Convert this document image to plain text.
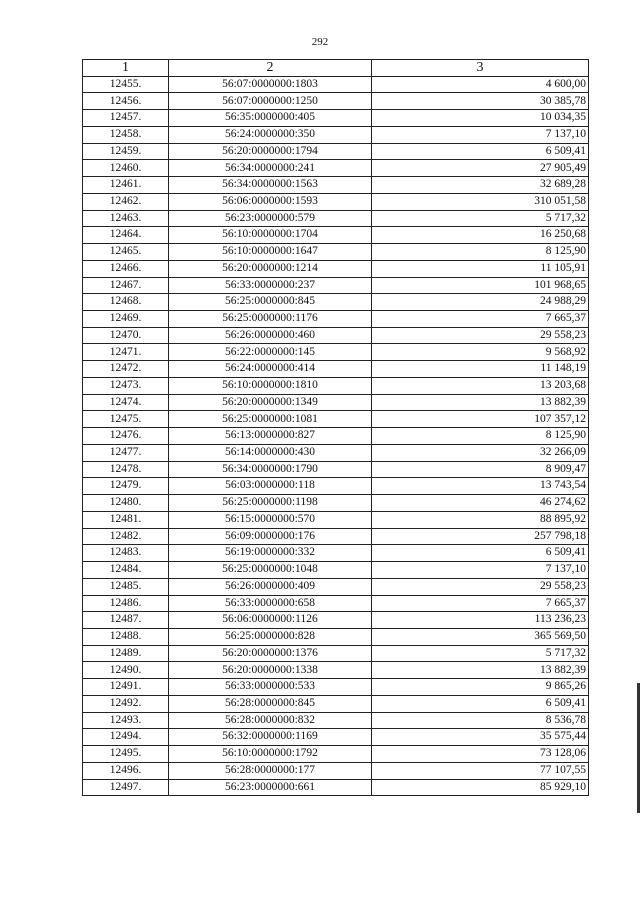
292
1	2	3
12455.	56:07:0000000:1803	4 600,00
12456.	56:07:0000000:1250	30 385,78
12457.	56:35:0000000:405	10 034,35
12458.	56:24:0000000:350	7 137,10
12459.	56:20:0000000:1794	6 509,41
12460.	56:34:0000000:241	27 905,49
12461.	56:34:0000000:1563	32 689,28
12462.	56:06:0000000:1593	310 051,58
12463.	56:23:0000000:579	5 717,32
12464.	56:10:0000000:1704	16 250,68
12465.	56:10:0000000:1647	8 125,90
12466.	56:20:0000000:1214	11 105,91
12467.	56:33:0000000:237	101 968,65
12468.	56:25:0000000:845	24 988,29
12469.	56:25:0000000:1176	7 665,37
12470.	56:26:0000000:460	29 558,23
12471.	56:22:0000000:145	9 568,92
12472.	56:24:0000000:414	11 148,19
12473.	56:10:0000000:1810	13 203,68
12474.	56:20:0000000:1349	13 882,39
12475.	56:25:0000000:1081	107 357,12
12476.	56:13:0000000:827	8 125,90
12477.	56:14:0000000:430	32 266,09
12478.	56:34:0000000:1790	8 909,47
12479.	56:03:0000000:118	13 743,54
12480.	56:25:0000000:1198	46 274,62
12481.	56:15:0000000:570	88 895,92
12482.	56:09:0000000:176	257 798,18
12483.	56:19:0000000:332	6 509,41
12484.	56:25:0000000:1048	7 137,10
12485.	56:26:0000000:409	29 558,23
12486.	56:33:0000000:658	7 665,37
12487.	56:06:0000000:1126	113 236,23
12488.	56:25:0000000:828	365 569,50
12489.	56:20:0000000:1376	5 717,32
12490.	56:20:0000000:1338	13 882,39
12491.	56:33:0000000:533	9 865,26
12492.	56:28:0000000:845	6 509,41
12493.	56:28:0000000:832	8 536,78
12494.	56:32:0000000:1169	35 575,44
12495.	56:10:0000000:1792	73 128,06
12496.	56:28:0000000:177	77 107,55
12497.	56:23:0000000:661	85 929,10
